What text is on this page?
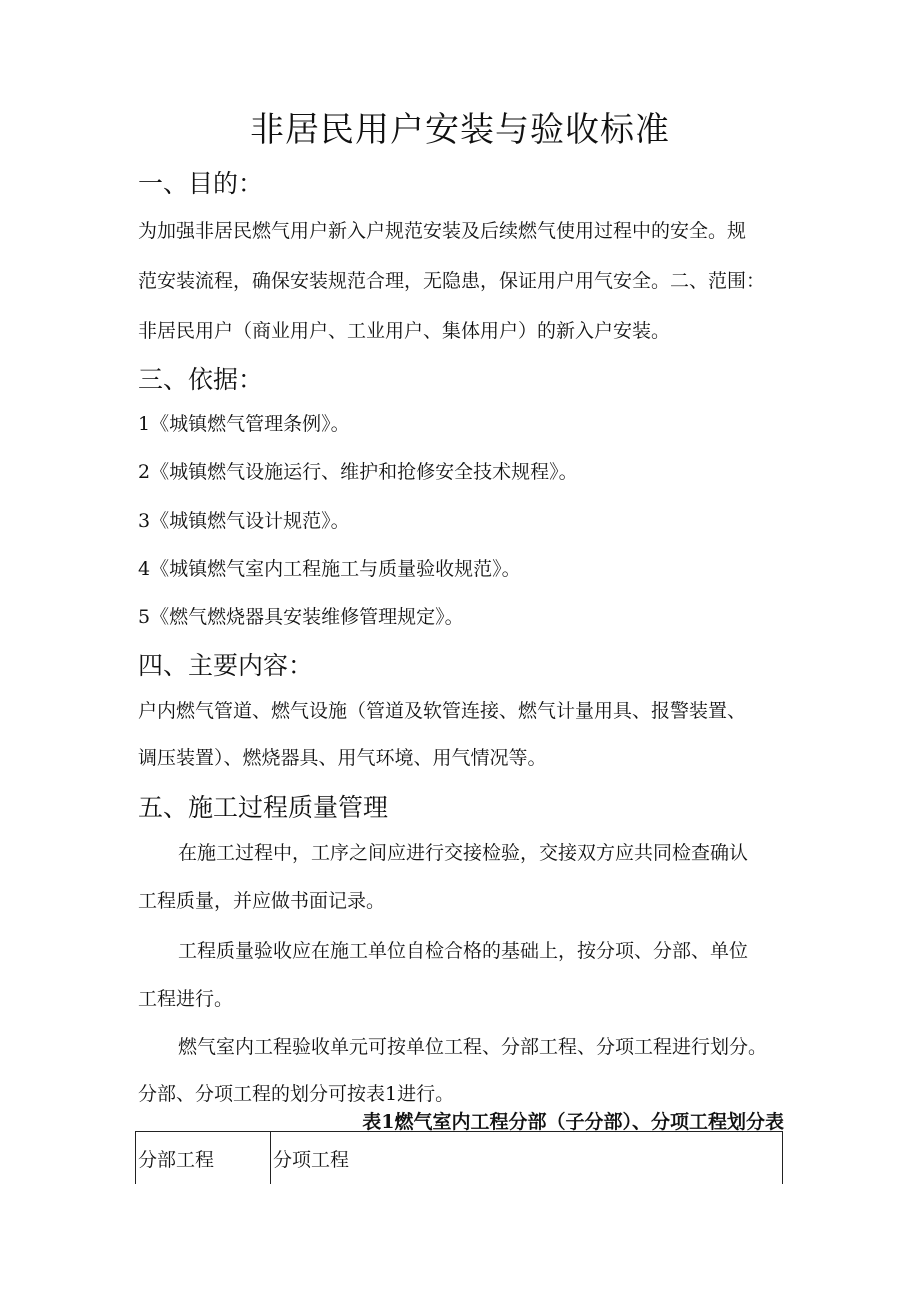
非居民用户安装与验收标准
一、目的：
为加强非居民燃气用户新入户规范安装及后续燃气使用过程中的安全。规
范安装流程，确保安装规范合理，无隐患，保证用户用气安全。二、范围：
非居民用户（商业用户、工业用户、集体用户）的新入户安装。
三、依据：
1《城镇燃气管理条例》。
2《城镇燃气设施运行、维护和抢修安全技术规程》。
3《城镇燃气设计规范》。
4《城镇燃气室内工程施工与质量验收规范》。
5《燃气燃烧器具安装维修管理规定》。
四、主要内容：
户内燃气管道、燃气设施（管道及软管连接、燃气计量用具、报警装置、
调压装置）、燃烧器具、用气环境、用气情况等。
五、施工过程质量管理
在施工过程中，工序之间应进行交接检验，交接双方应共同检查确认
工程质量，并应做书面记录。
工程质量验收应在施工单位自检合格的基础上，按分项、分部、单位
工程进行。
燃气室内工程验收单元可按单位工程、分部工程、分项工程进行划分。
分部、分项工程的划分可按表1进行。
表1燃气室内工程分部（子分部）、分项工程划分表
分部工程	分项工程
